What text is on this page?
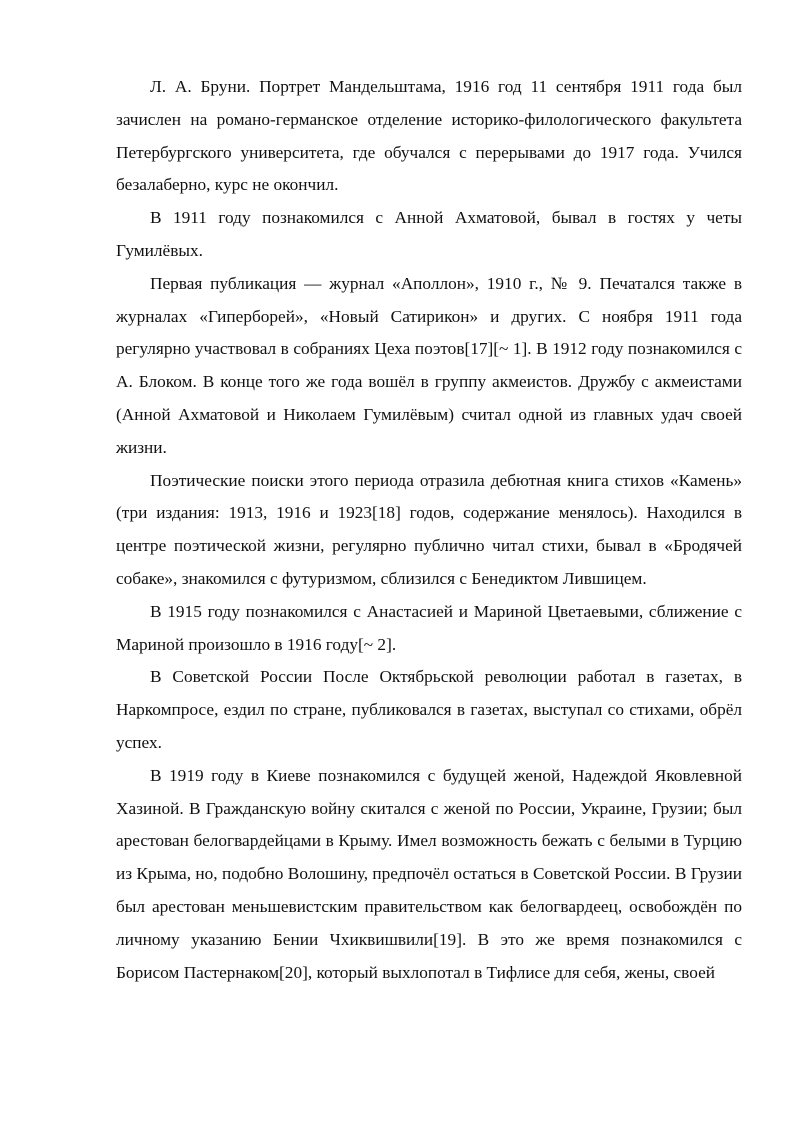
Л. А. Бруни. Портрет Мандельштама, 1916 год 11 сентября 1911 года был зачислен на романо-германское отделение историко-филологического факультета Петербургского университета, где обучался с перерывами до 1917 года. Учился безалаберно, курс не окончил.

В 1911 году познакомился с Анной Ахматовой, бывал в гостях у четы Гумилёвых.

Первая публикация — журнал «Аполлон», 1910 г., № 9. Печатался также в журналах «Гиперборей», «Новый Сатирикон» и других. С ноября 1911 года регулярно участвовал в собраниях Цеха поэтов[17][~ 1]. В 1912 году познакомился с А. Блоком. В конце того же года вошёл в группу акмеистов. Дружбу с акмеистами (Анной Ахматовой и Николаем Гумилёвым) считал одной из главных удач своей жизни.

Поэтические поиски этого периода отразила дебютная книга стихов «Камень» (три издания: 1913, 1916 и 1923[18] годов, содержание менялось). Находился в центре поэтической жизни, регулярно публично читал стихи, бывал в «Бродячей собаке», знакомился с футуризмом, сблизился с Бенедиктом Лившицем.

В 1915 году познакомился с Анастасией и Мариной Цветаевыми, сближение с Мариной произошло в 1916 году[~ 2].

В Советской России После Октябрьской революции работал в газетах, в Наркомпросе, ездил по стране, публиковался в газетах, выступал со стихами, обрёл успех.

В 1919 году в Киеве познакомился с будущей женой, Надеждой Яковлевной Хазиной. В Гражданскую войну скитался с женой по России, Украине, Грузии; был арестован белогвардейцами в Крыму. Имел возможность бежать с белыми в Турцию из Крыма, но, подобно Волошину, предпочёл остаться в Советской России. В Грузии был арестован меньшевистским правительством как белогвардеец, освобождён по личному указанию Бении Чхиквишвили[19]. В это же время познакомился с Борисом Пастернаком[20], который выхлопотал в Тифлисе для себя, жены, своей
